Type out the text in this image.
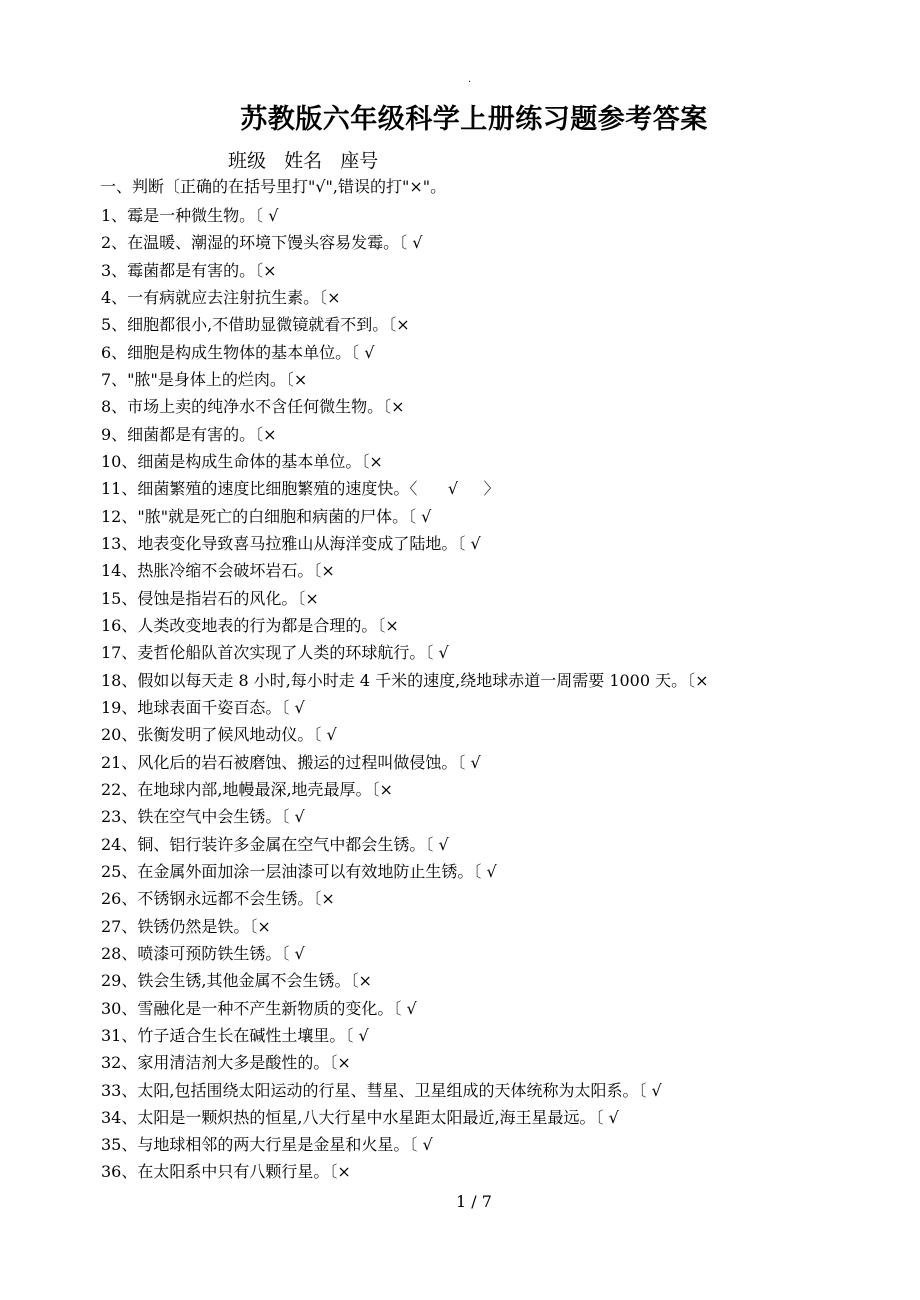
·
苏教版六年级科学上册练习题参考答案
班级   姓名   座号
一、判断〔正确的在括号里打"√",错误的打"×"。
1、霉是一种微生物。〔 √
2、在温暖、潮湿的环境下馒头容易发霉。〔 √
3、霉菌都是有害的。〔×
4、一有病就应去注射抗生素。〔×
5、细胞都很小,不借助显微镜就看不到。〔×
6、细胞是构成生物体的基本单位。〔 √
7、"脓"是身体上的烂肉。〔×
8、市场上卖的纯净水不含任何微生物。〔×
9、细菌都是有害的。〔×
10、细菌是构成生命体的基本单位。〔×
11、细菌繁殖的速度比细胞繁殖的速度快。〈      √     〉
12、"脓"就是死亡的白细胞和病菌的尸体。〔 √
13、地表变化导致喜马拉雅山从海洋变成了陆地。〔 √
14、热胀冷缩不会破坏岩石。〔×
15、侵蚀是指岩石的风化。〔×
16、人类改变地表的行为都是合理的。〔×
17、麦哲伦船队首次实现了人类的环球航行。〔 √
18、假如以每天走 8 小时,每小时走 4 千米的速度,绕地球赤道一周需要 1000 天。〔×
19、地球表面千姿百态。〔 √
20、张衡发明了候风地动仪。〔 √
21、风化后的岩石被磨蚀、搬运的过程叫做侵蚀。〔 √
22、在地球内部,地幔最深,地壳最厚。〔×
23、铁在空气中会生锈。〔 √
24、铜、铝行装许多金属在空气中都会生锈。〔 √
25、在金属外面加涂一层油漆可以有效地防止生锈。〔 √
26、不锈钢永远都不会生锈。〔×
27、铁锈仍然是铁。〔×
28、喷漆可预防铁生锈。〔 √
29、铁会生锈,其他金属不会生锈。〔×
30、雪融化是一种不产生新物质的变化。〔 √
31、竹子适合生长在碱性土壤里。〔 √
32、家用清洁剂大多是酸性的。〔×
33、太阳,包括围绕太阳运动的行星、彗星、卫星组成的天体统称为太阳系。〔 √
34、太阳是一颗炽热的恒星,八大行星中水星距太阳最近,海王星最远。〔 √
35、与地球相邻的两大行星是金星和火星。〔 √
36、在太阳系中只有八颗行星。〔×
1 / 7
